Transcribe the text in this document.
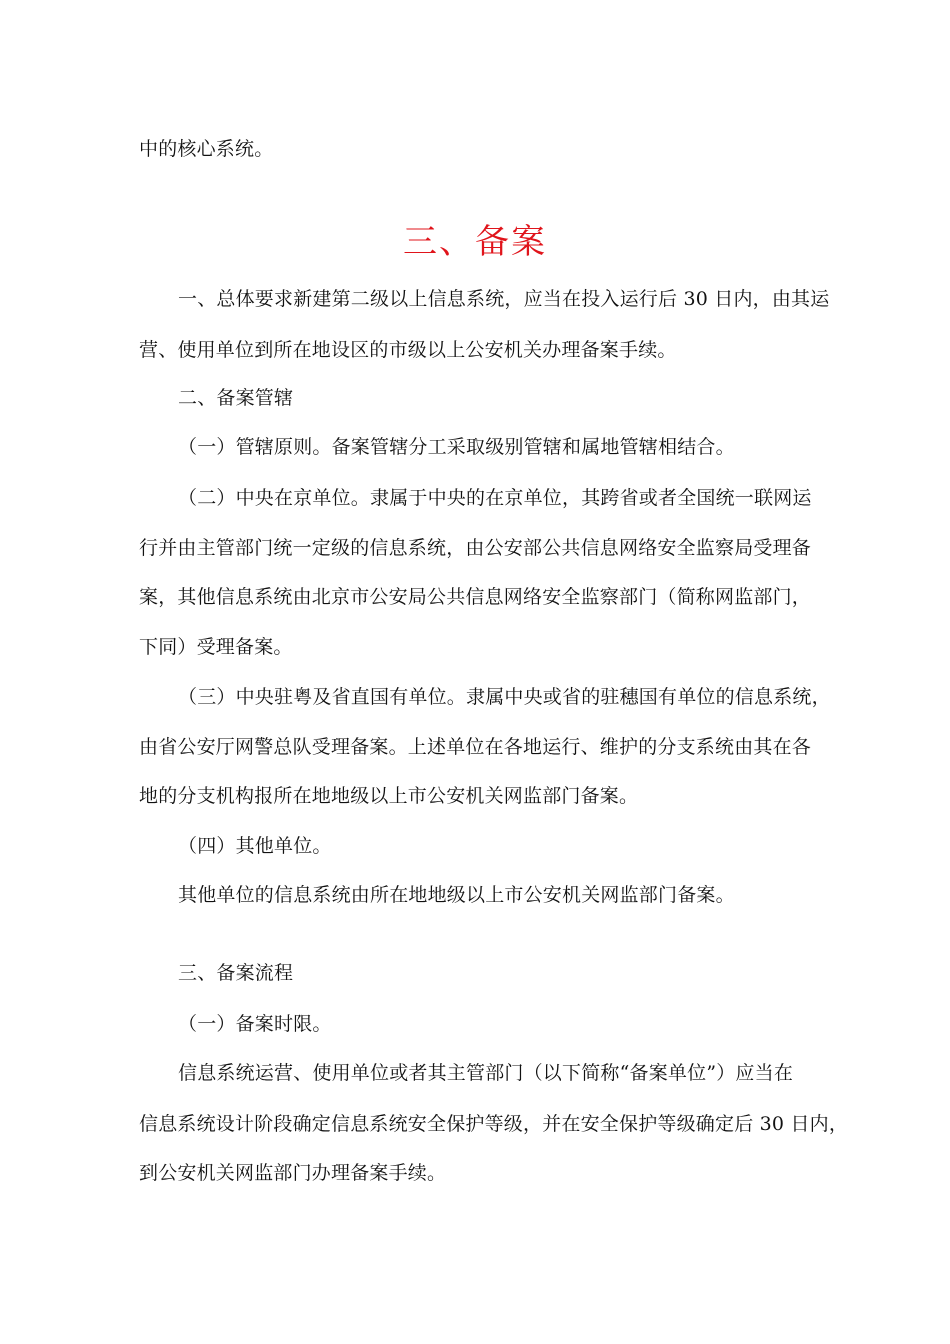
中的核心系统。
三、备案
一、总体要求新建第二级以上信息系统，应当在投入运行后 30 日内，由其运
营、使用单位到所在地设区的市级以上公安机关办理备案手续。
二、备案管辖
（一）管辖原则。备案管辖分工采取级别管辖和属地管辖相结合。
（二）中央在京单位。隶属于中央的在京单位，其跨省或者全国统一联网运
行并由主管部门统一定级的信息系统，由公安部公共信息网络安全监察局受理备
案，其他信息系统由北京市公安局公共信息网络安全监察部门（简称网监部门，
下同）受理备案。
（三）中央驻粤及省直国有单位。隶属中央或省的驻穗国有单位的信息系统，
由省公安厅网警总队受理备案。上述单位在各地运行、维护的分支系统由其在各
地的分支机构报所在地地级以上市公安机关网监部门备案。
（四）其他单位。
其他单位的信息系统由所在地地级以上市公安机关网监部门备案。
三、备案流程
（一）备案时限。
信息系统运营、使用单位或者其主管部门（以下简称“备案单位”）应当在
信息系统设计阶段确定信息系统安全保护等级，并在安全保护等级确定后 30 日内，
到公安机关网监部门办理备案手续。
